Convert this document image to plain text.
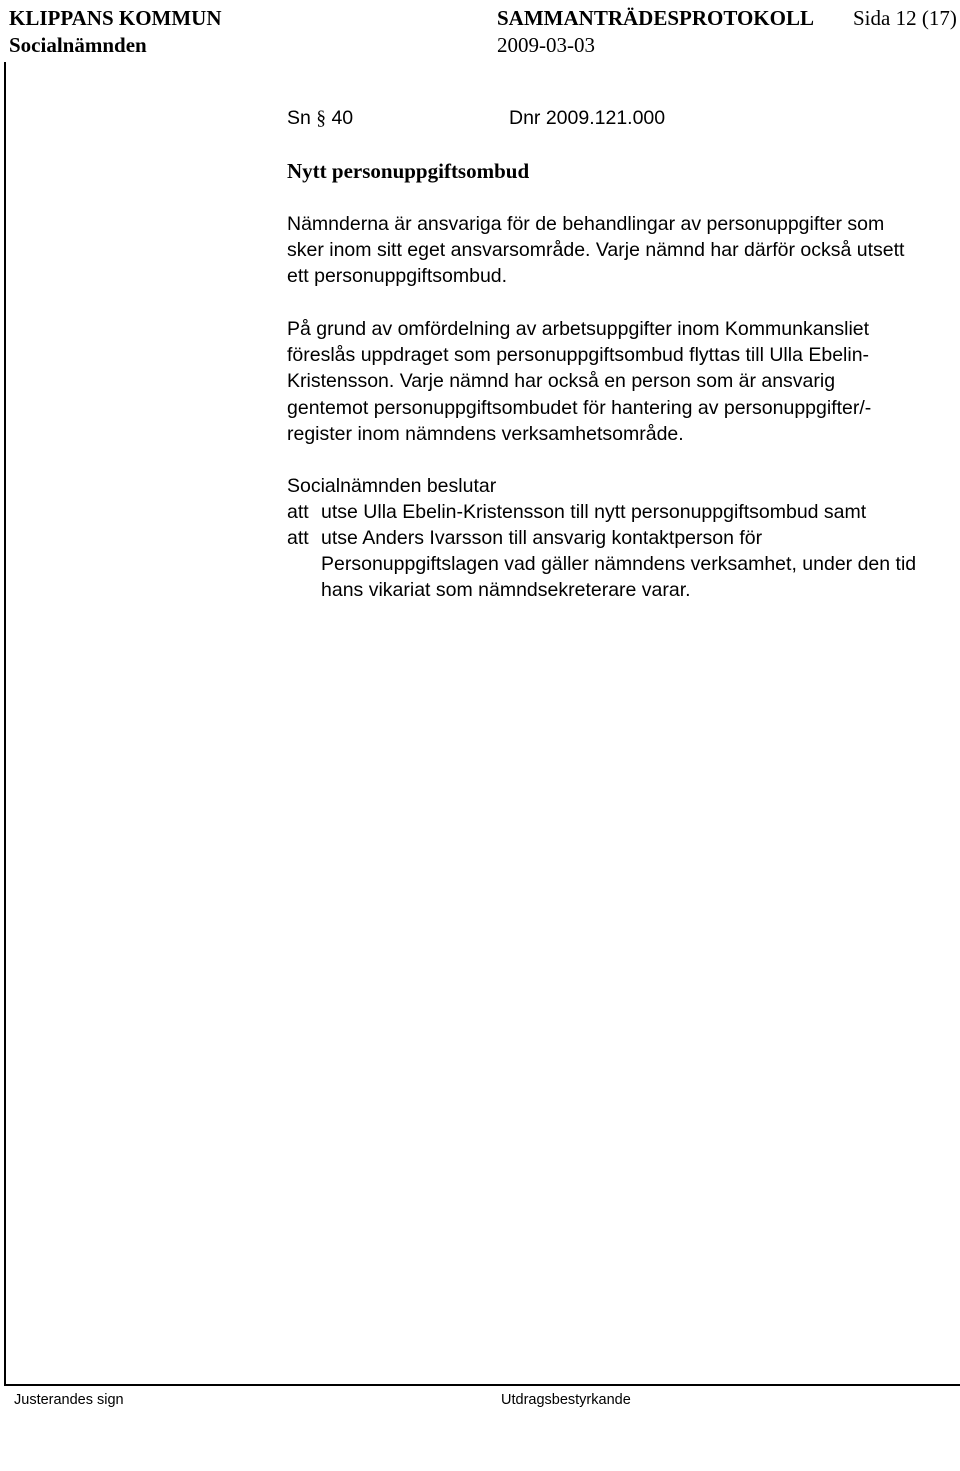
KLIPPANS KOMMUN	SAMMANTRÄDESPROTOKOLL Sida 12 (17)
Socialnämnden	2009-03-03
Sn § 40	Dnr 2009.121.000
Nytt personuppgiftsombud
Nämnderna är ansvariga för de behandlingar av personuppgifter som
sker inom sitt eget ansvarsområde. Varje nämnd har därför också utsett
ett personuppgiftsombud.
På grund av omfördelning av arbetsuppgifter inom Kommunkansliet
föreslås uppdraget som personuppgiftsombud flyttas till Ulla Ebelin-
Kristensson. Varje nämnd har också en person som är ansvarig
gentemot personuppgiftsombudet för hantering av personuppgifter/-
register inom nämndens verksamhetsområde.
Socialnämnden beslutar
att utse Ulla Ebelin-Kristensson till nytt personuppgiftsombud samt
att utse Anders Ivarsson till ansvarig kontaktperson för
Personuppgiftslagen vad gäller nämndens verksamhet, under den tid
hans vikariat som nämndsekreterare varar.
Justerandes sign	Utdragsbestyrkande
